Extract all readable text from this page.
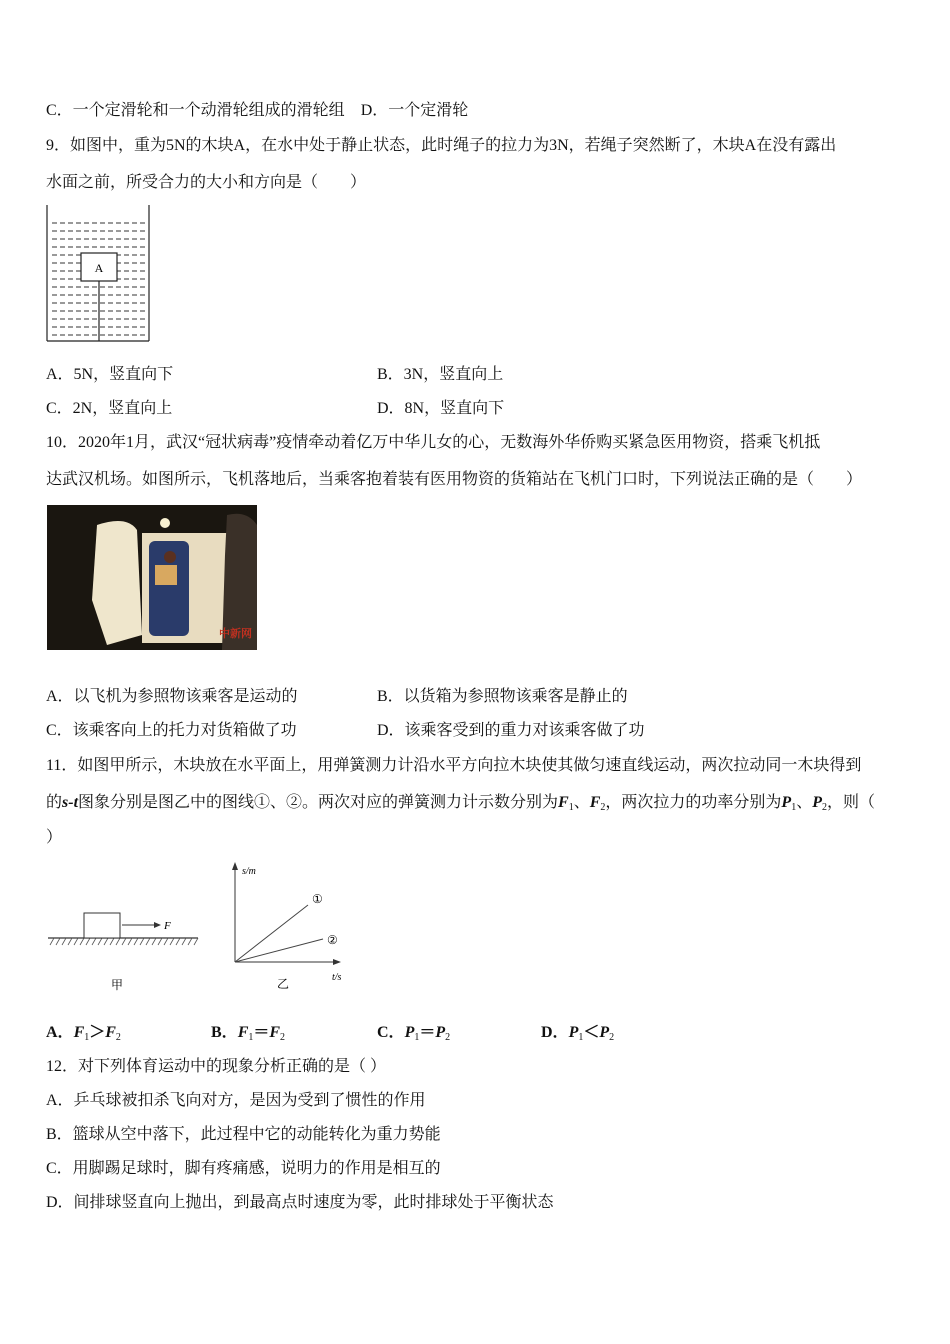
C．一个定滑轮和一个动滑轮组成的滑轮组　 D．一个定滑轮
9．如图中，重为5N的木块A，在水中处于静止状态，此时绳子的拉力为3N，若绳子突然断了，木块A在没有露出
水面之前，所受合力的大小和方向是（　　）
A
A．5N，竖直向下	B．3N，竖直向上
C．2N，竖直向上	D．8N，竖直向下
10．2020年1月，武汉“冠状病毒”疫情牵动着亿万中华儿女的心，无数海外华侨购买紧急医用物资，搭乘飞机抵
达武汉机场。如图所示，飞机落地后，当乘客抱着装有医用物资的货箱站在飞机门口时，下列说法正确的是（　　）
中新网
A．以飞机为参照物该乘客是运动的	B．以货箱为参照物该乘客是静止的
C．该乘客向上的托力对货箱做了功	D．该乘客受到的重力对该乘客做了功
11．如图甲所示，木块放在水平面上，用弹簧测力计沿水平方向拉木块使其做匀速直线运动，两次拉动同一木块得到
的s-t图象分别是图乙中的图线①、②。两次对应的弹簧测力计示数分别为$F_1$、$F_2$，两次拉力的功率分别为$P_1$、$P_2$，则（
）
F
甲
s/m
t/s
①
②
乙
A．$F_1>F_2$	B．$F_1=F_2$	C．$P_1=P_2$	D．$P_1<P_2$
12．对下列体育运动中的现象分析正确的是（ ）
A．乒乓球被扣杀飞向对方，是因为受到了惯性的作用
B．篮球从空中落下，此过程中它的动能转化为重力势能
C．用脚踢足球时，脚有疼痛感，说明力的作用是相互的
D．间排球竖直向上抛出，到最高点时速度为零，此时排球处于平衡状态
